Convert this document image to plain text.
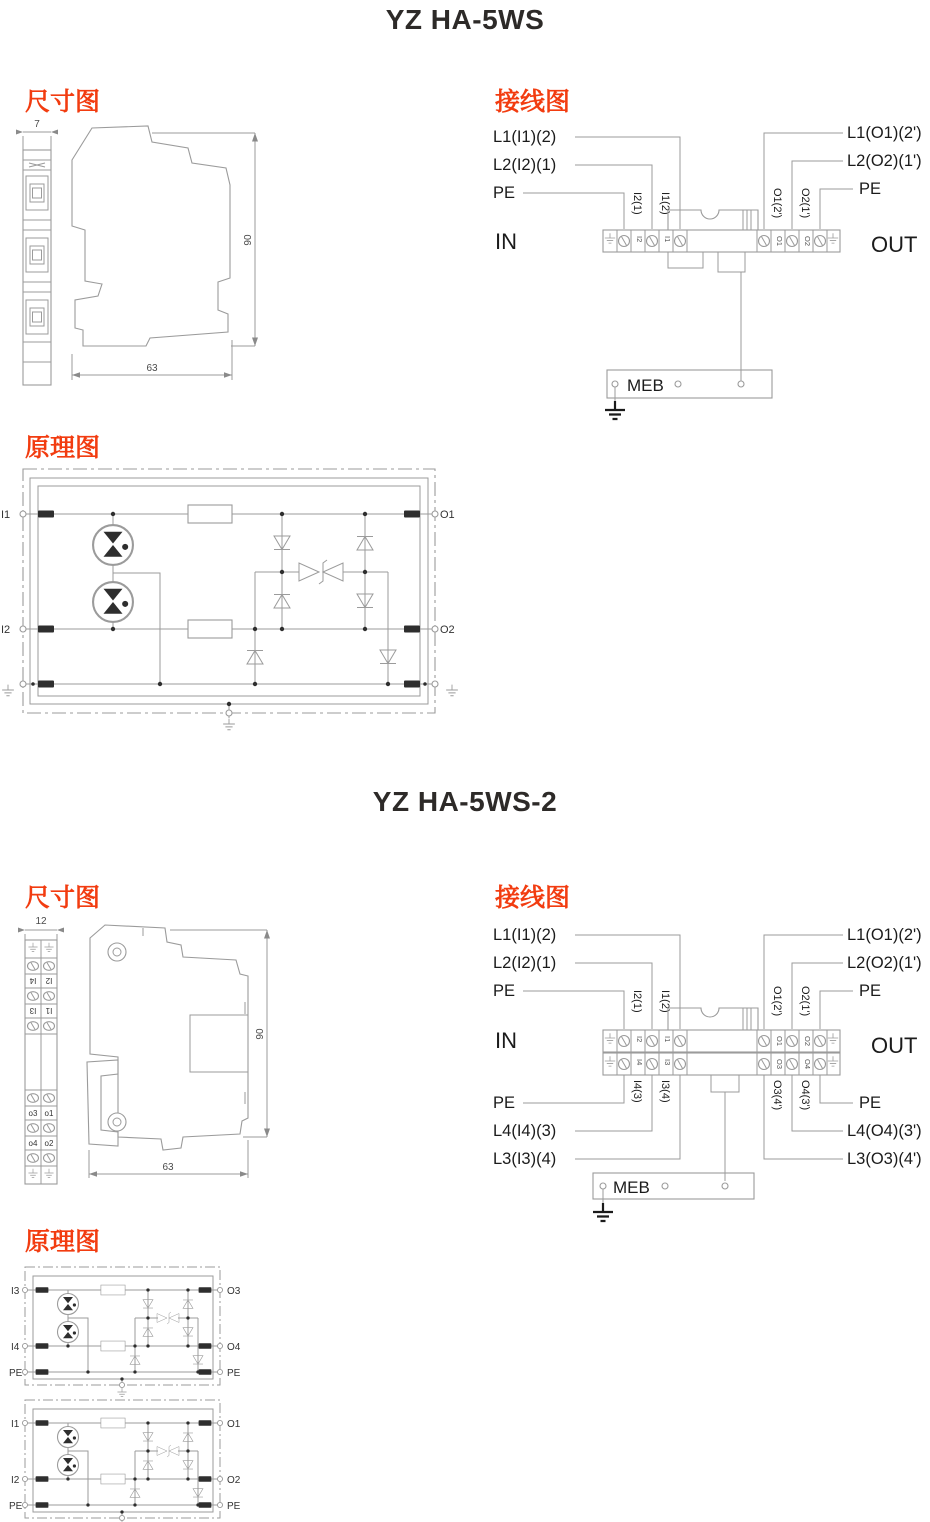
YZ HA-5WS
尺寸图	接线图
原理图
7
90
63
L1(I1)(2)
L2(I2)(1)
PE
IN
L1(O1)(2')
L2(O2)(1')
PE
OUT
I2(1) I1(2)	O1(2') O2(1')
I2	I1	O1	O2
MEB
I1
I2
O1
O2
YZ HA-5WS-2
尺寸图	接线图
原理图
12
I4 I2
I3 I1
o3 o1
o4 o2
90
63
L1(I1)(2)
L2(I2)(1)
PE
IN
PE
L4(I4)(3)
L3(I3)(4)
L1(O1)(2')
L2(O2)(1')
PE
OUT
PE
L4(O4)(3')
L3(O3)(4')
I2(1) I1(2)	O1(2') O2(1')
I4(3) I3(4)	O3(4') O4(3')
I2	I1	O1	O2
I4	I3	O3	O4
MEB
I3
I4
PE
O3
O4
PE
I1
I2
PE
O1
O2
PE
